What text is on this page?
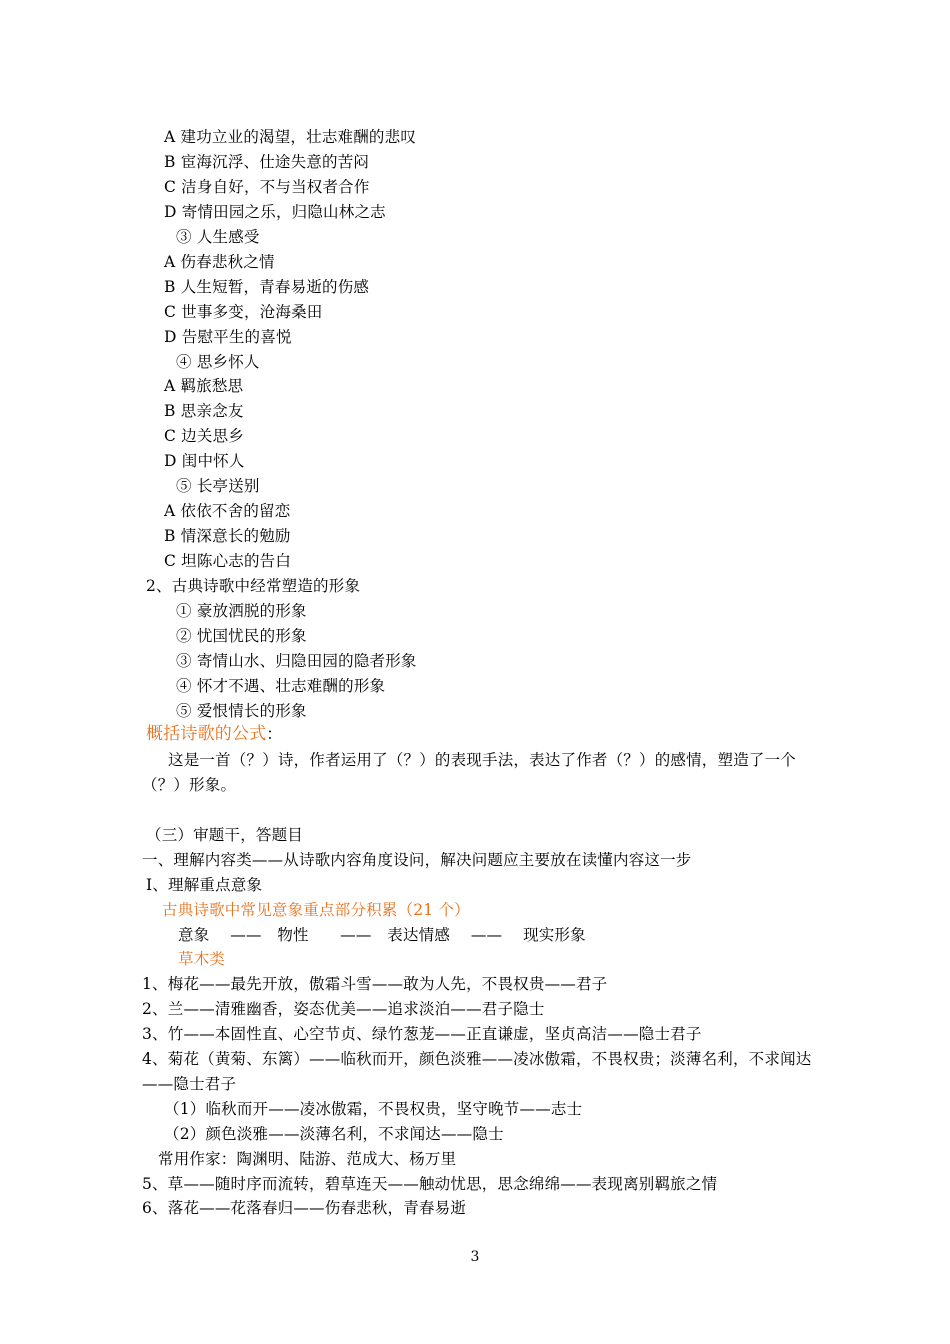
A 建功立业的渴望，壮志难酬的悲叹
B 宦海沉浮、仕途失意的苦闷
C 洁身自好，不与当权者合作
D 寄情田园之乐，归隐山林之志
③ 人生感受
A 伤春悲秋之情
B 人生短暂，青春易逝的伤感
C 世事多变，沧海桑田
D 告慰平生的喜悦
④ 思乡怀人
A 羁旅愁思
B 思亲念友
C 边关思乡
D 闺中怀人
⑤ 长亭送别
A 依依不舍的留恋
B 情深意长的勉励
C 坦陈心志的告白
2、古典诗歌中经常塑造的形象
① 豪放洒脱的形象
② 忧国忧民的形象
③ 寄情山水、归隐田园的隐者形象
④ 怀才不遇、壮志难酬的形象
⑤ 爱恨情长的形象
概括诗歌的公式：
这是一首（？）诗，作者运用了（？）的表现手法，表达了作者（？）的感情，塑造了一个
（？）形象。
（三）审题干，答题目
一、理解内容类——从诗歌内容角度设问，解决问题应主要放在读懂内容这一步
Ⅰ、理解重点意象
古典诗歌中常见意象重点部分积累（21 个）
意象　 ——　物性　　——　表达情感　 ——　 现实形象
草木类
1、梅花——最先开放，傲霜斗雪——敢为人先，不畏权贵——君子
2、兰——清雅幽香，姿态优美——追求淡泊——君子隐士
3、竹——本固性直、心空节贞、绿竹葱茏——正直谦虚，坚贞高洁——隐士君子
4、菊花（黄菊、东篱）——临秋而开，颜色淡雅——凌冰傲霜，不畏权贵；淡薄名利，不求闻达
——隐士君子
（1）临秋而开——凌冰傲霜，不畏权贵，坚守晚节——志士
（2）颜色淡雅——淡薄名利，不求闻达——隐士
常用作家：陶渊明、陆游、范成大、杨万里
5、草——随时序而流转，碧草连天——触动忧思，思念绵绵——表现离别羁旅之情
6、落花——花落春归——伤春悲秋，青春易逝
3
